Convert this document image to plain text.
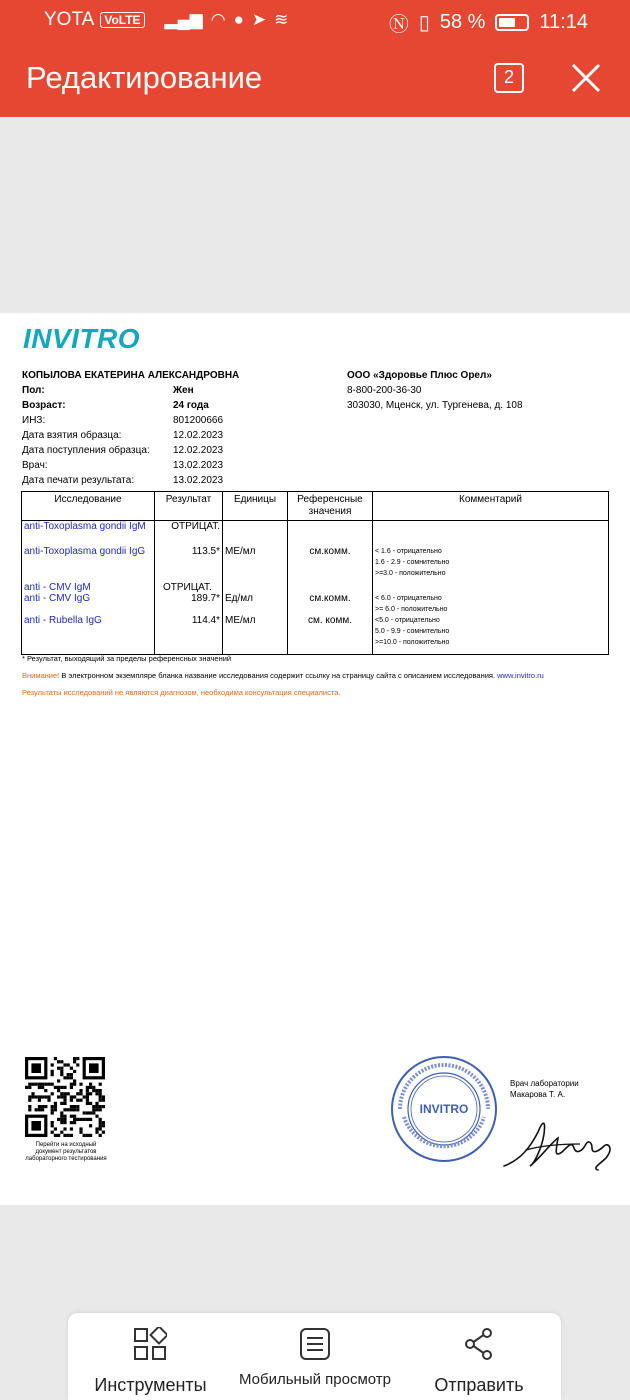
YOTA VoLTE ▂▄▆ ◠ ● ➤ ≋	Ⓝ ▯ 58 %	11:14
Редактирование	2
INVITRO
КОПЫЛОВА ЕКАТЕРИНА АЛЕКСАНДРОВНА
Пол:	Жен
Возраст:	24 года
ИНЗ:	801200666
Дата взятия образца:	12.02.2023
Дата поступления образца:	12.02.2023
Врач:	13.02.2023
Дата печати результата:	13.02.2023
ООО «Здоровье Плюс Орел»
8-800-200-36-30
303030, Мценск, ул. Тургенева, д. 108
Исследование	Результат	Единицы	Референсные значения	Комментарий
anti-Toxoplasma gondii IgM	ОТРИЦАТ.			
anti-Toxoplasma gondii IgG	113.5*	МЕ/мл	см.комм.	< 1.6 - отрицательно
1.6 - 2.9 - сомнительно
>=3.0 - положительно

anti - CMV IgM	ОТРИЦАТ.			
anti - CMV IgG	189.7*	Ед/мл	см.комм.	< 6.0 - отрицательно
>= 6.0 - положительно

anti - Rubella IgG	114.4*	МЕ/мл	см. комм.	<5.0 - отрицательно
5.0 - 9.9 - сомнительно
>=10.0 - положительно
* Результат, выходящий за пределы референсных значений
Внимание! В электронном экземпляре бланка название исследования содержит ссылку на страницу сайта с описанием исследования. www.invitro.ru
Результаты исследований не являются диагнозом, необходима консультация специалиста.
Перейти на исходный документ результатов лабораторного тестирования
INVITRO
Врач лаборатории
Макарова Т. А.
Инструменты	Мобильный просмотр	Отправить
